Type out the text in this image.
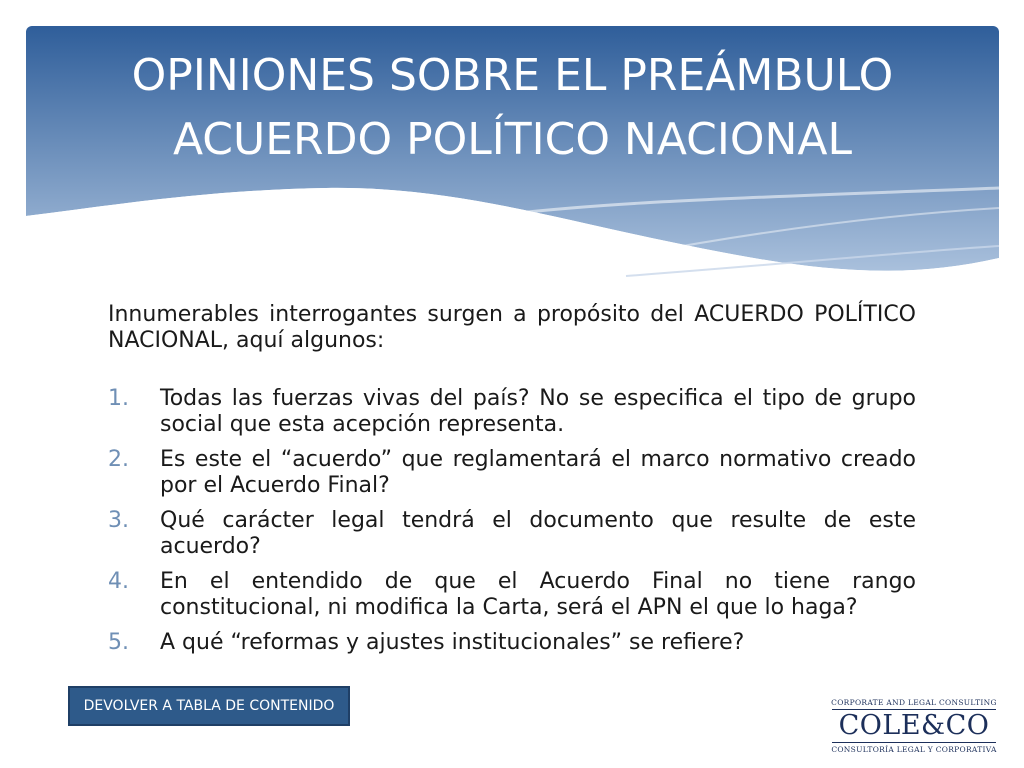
OPINIONES SOBRE EL PREÁMBULO
ACUERDO POLÍTICO NACIONAL

Innumerables interrogantes surgen a propósito del ACUERDO POLÍTICO NACIONAL, aquí algunos:

1. Todas las fuerzas vivas del país? No se especifica el tipo de grupo social que esta acepción representa.
2. Es este el “acuerdo” que reglamentará el marco normativo creado por el Acuerdo Final?
3. Qué carácter legal tendrá el documento que resulte de este acuerdo?
4. En el entendido de que el Acuerdo Final no tiene rango constitucional, ni modifica la Carta, será el APN el que lo haga?
5. A qué “reformas y ajustes institucionales” se refiere?
DEVOLVER A TABLA DE CONTENIDO	CORPORATE AND LEGAL CONSULTING
COLE&CO
CONSULTORÍA LEGAL Y CORPORATIVA
